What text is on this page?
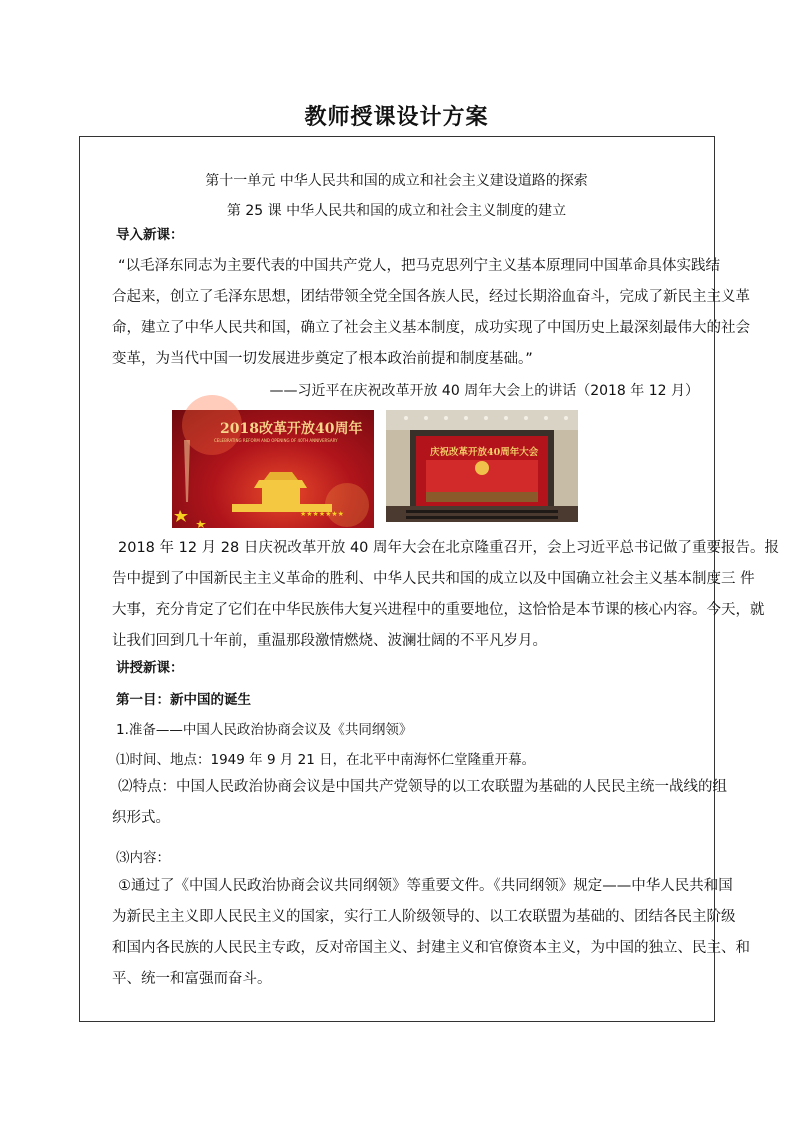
教师授课设计方案
第十一单元 中华人民共和国的成立和社会主义建设道路的探索
第 25 课 中华人民共和国的成立和社会主义制度的建立
导入新课：
“以毛泽东同志为主要代表的中国共产党人，把马克思列宁主义基本原理同中国革命具体实践结
合起来，创立了毛泽东思想，团结带领全党全国各族人民，经过长期浴血奋斗，完成了新民主主义革
命，建立了中华人民共和国，确立了社会主义基本制度，成功实现了中国历史上最深刻最伟大的社会
变革，为当代中国一切发展进步奠定了根本政治前提和制度基础。”
——习近平在庆祝改革开放 40 周年大会上的讲话（2018 年 12 月）
2018改革开放40周年
CELEBRATING REFORM AND OPENING OF 40TH ANNIVERSARY
★★★★★★★
庆祝改革开放40周年大会
2018 年 12 月 28 日庆祝改革开放 40 周年大会在北京隆重召开，会上习近平总书记做了重要报告。报
告中提到了中国新民主主义革命的胜利、中华人民共和国的成立以及中国确立社会主义基本制度三 件
大事，充分肯定了它们在中华民族伟大复兴进程中的重要地位，这恰恰是本节课的核心内容。今天，就
让我们回到几十年前，重温那段激情燃烧、波澜壮阔的不平凡岁月。
讲授新课：
第一目：新中国的诞生
1.准备——中国人民政治协商会议及《共同纲领》
⑴时间、地点：1949 年 9 月 21 日，在北平中南海怀仁堂隆重开幕。
⑵特点：中国人民政治协商会议是中国共产党领导的以工农联盟为基础的人民民主统一战线的组
织形式。
⑶内容：
①通过了《中国人民政治协商会议共同纲领》等重要文件。《共同纲领》规定——中华人民共和国
为新民主主义即人民民主义的国家，实行工人阶级领导的、以工农联盟为基础的、团结各民主阶级
和国内各民族的人民民主专政，反对帝国主义、封建主义和官僚资本主义，为中国的独立、民主、和
平、统一和富强而奋斗。
